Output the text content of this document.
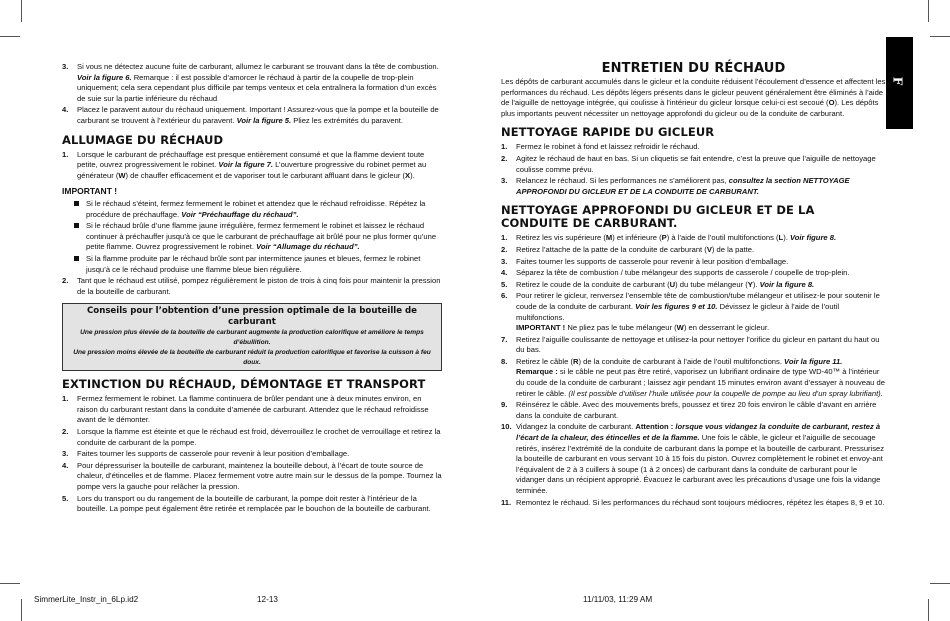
F
3. Si vous ne détectez aucune fuite de carburant, allumez le carburant se trouvant dans la tête de combustion. Voir la figure 6. Remarque : il est possible d’amorcer le réchaud à partir de la coupelle de trop-plein uniquement; cela sera cependant plus difficile par temps venteux et cela entraînera la formation d’un excès de suie sur la partie inférieure du réchaud
4. Placez le paravent autour du réchaud uniquement. Important ! Assurez-vous que la pompe et la bouteille de carburant se trouvent à l’extérieur du paravent. Voir la figure 5. Pliez les extrémités du paravent.
ALLUMAGE DU RÉCHAUD
1. Lorsque le carburant de préchauffage est presque entièrement consumé et que la flamme devient toute petite, ouvrez progressivement le robinet. Voir la figure 7. L’ouverture progressive du robinet permet au générateur (W) de chauffer efficacement et de vaporiser tout le carburant affluant dans le gicleur (X).
IMPORTANT !
Si le réchaud s’éteint, fermez fermement le robinet et attendez que le réchaud refroidisse. Répétez la procédure de préchauffage. Voir “Préchauffage du réchaud”.
Si le réchaud brûle d’une flamme jaune irrégulière, fermez fermement le robinet et laissez le réchaud continuer à préchauffer jusqu’à ce que le carburant de préchauffage ait brûlé pour ne plus former qu’une petite flamme. Ouvrez progressivement le robinet. Voir “Allumage du réchaud”.
Si la flamme produite par le réchaud brûle sont par intermittence jaunes et bleues, fermez le robinet jusqu’à ce le réchaud produise une flamme bleue bien régulière.
2. Tant que le réchaud est utilisé, pompez régulièrement le piston de trois à cinq fois pour maintenir la pression de la bouteille de carburant.
Conseils pour l’obtention d’une pression optimale de la bouteille de carburant
Une pression plus élevée de la bouteille de carburant augmente la production calorifique et améliore le temps d’ébullition.
Une pression moins élevée de la bouteille de carburant réduit la production calorifique et favorise la cuisson à feu doux.
EXTINCTION DU RÉCHAUD, DÉMONTAGE ET TRANSPORT
1. Fermez fermement le robinet. La flamme continuera de brûler pendant une à deux minutes environ, en raison du carburant restant dans la conduite d’amenée de carburant. Attendez que le réchaud refroidisse avant de le démonter.
2. Lorsque la flamme est éteinte et que le réchaud est froid, déverrouillez le crochet de verrouillage et retirez la conduite de carburant de la pompe.
3. Faites tourner les supports de casserole pour revenir à leur position d’emballage.
4. Pour dépressuriser la bouteille de carburant, maintenez la bouteille debout, à l’écart de toute source de chaleur, d’étincelles et de flamme. Placez fermement votre autre main sur le dessus de la pompe. Tournez la pompe vers la gauche pour relâcher la pression.
5. Lors du transport ou du rangement de la bouteille de carburant, la pompe doit rester à l’intérieur de la bouteille. La pompe peut également être retirée et remplacée par le bouchon de la bouteille de carburant.
ENTRETIEN DU RÉCHAUD
Les dépôts de carburant accumulés dans le gicleur et la conduite réduisent l’écoulement d’essence et affectent les performances du réchaud. Les dépôts légers présents dans le gicleur peuvent généralement être éliminés à l’aide de l’aiguille de nettoyage intégrée, qui coulisse à l’intérieur du gicleur lorsque celui-ci est secoué (O). Les dépôts plus importants peuvent nécessiter un nettoyage approfondi du gicleur ou de la conduite de carburant.
NETTOYAGE RAPIDE DU GICLEUR
1. Fermez le robinet à fond et laissez refroidir le réchaud.
2. Agitez le réchaud de haut en bas. Si un cliquetis se fait entendre, c’est la preuve que l’aiguille de nettoyage coulisse comme prévu.
3. Relancez le réchaud. Si les performances ne s’améliorent pas, consultez la section NETTOYAGE APPROFONDI DU GICLEUR ET DE LA CONDUITE DE CARBURANT.
NETTOYAGE APPROFONDI DU GICLEUR ET DE LA CONDUITE DE CARBURANT.
1. Retirez les vis supérieure (M) et inférieure (P) à l’aide de l’outil multifonctions (L). Voir figure 8.
2. Retirez l’attache de la patte de la conduite de carburant (V) de la patte.
3. Faites tourner les supports de casserole pour revenir à leur position d’emballage.
4. Séparez la tête de combustion / tube mélangeur des supports de casserole / coupelle de trop-plein.
5. Retirez le coude de la conduite de carburant (U) du tube mélangeur (Y). Voir la figure 8.
6. Pour retirer le gicleur, renversez l’ensemble tête de combustion/tube mélangeur et utilisez-le pour soutenir le coude de la conduite de carburant. Voir les figures 9 et 10. Dévissez le gicleur à l’aide de l’outil multifonctions.
IMPORTANT ! Ne pliez pas le tube mélangeur (W) en desserrant le gicleur.
7. Retirez l’aiguille coulissante de nettoyage et utilisez-la pour nettoyer l’orifice du gicleur en partant du haut ou du bas.
8. Retirez le câble (R) de la conduite de carburant à l’aide de l’outil multifonctions. Voir la figure 11.
Remarque : si le câble ne peut pas être retiré, vaporisez un lubrifiant ordinaire de type WD-40™ à l’intérieur du coude de la conduite de carburant ; laissez agir pendant 15 minutes environ avant d’essayer à nouveau de retirer le câble. (Il est possible d’utiliser l’huile utilisée pour la coupelle de pompe au lieu d’un spray lubrifiant).
9. Réinsérez le câble. Avec des mouvements brefs, poussez et tirez 20 fois environ le câble d’avant en arrière dans la conduite de carburant.
10. Vidangez la conduite de carburant. Attention : lorsque vous vidangez la conduite de carburant, restez à l’écart de la chaleur, des étincelles et de la flamme. Une fois le câble, le gicleur et l’aiguille de secouage retirés, insérez l’extrémité de la conduite de carburant dans la pompe et la bouteille de carburant. Pressurisez la bouteille de carburant en vous servant 10 à 15 fois du piston. Ouvrez complètement le robinet et envoy-ant l’équivalent de 2 à 3 cuillers à soupe (1 à 2 onces) de carburant dans la conduite de carburant pour le vidanger dans un récipient approprié. Évacuez le carburant avec les précautions d’usage une fois la vidange terminée.
11. Remontez le réchaud. Si les performances du réchaud sont toujours médiocres, répétez les étapes 8, 9 et 10.
SimmerLite_Instr_in_6Lp.id2	12-13	11/11/03, 11:29 AM
